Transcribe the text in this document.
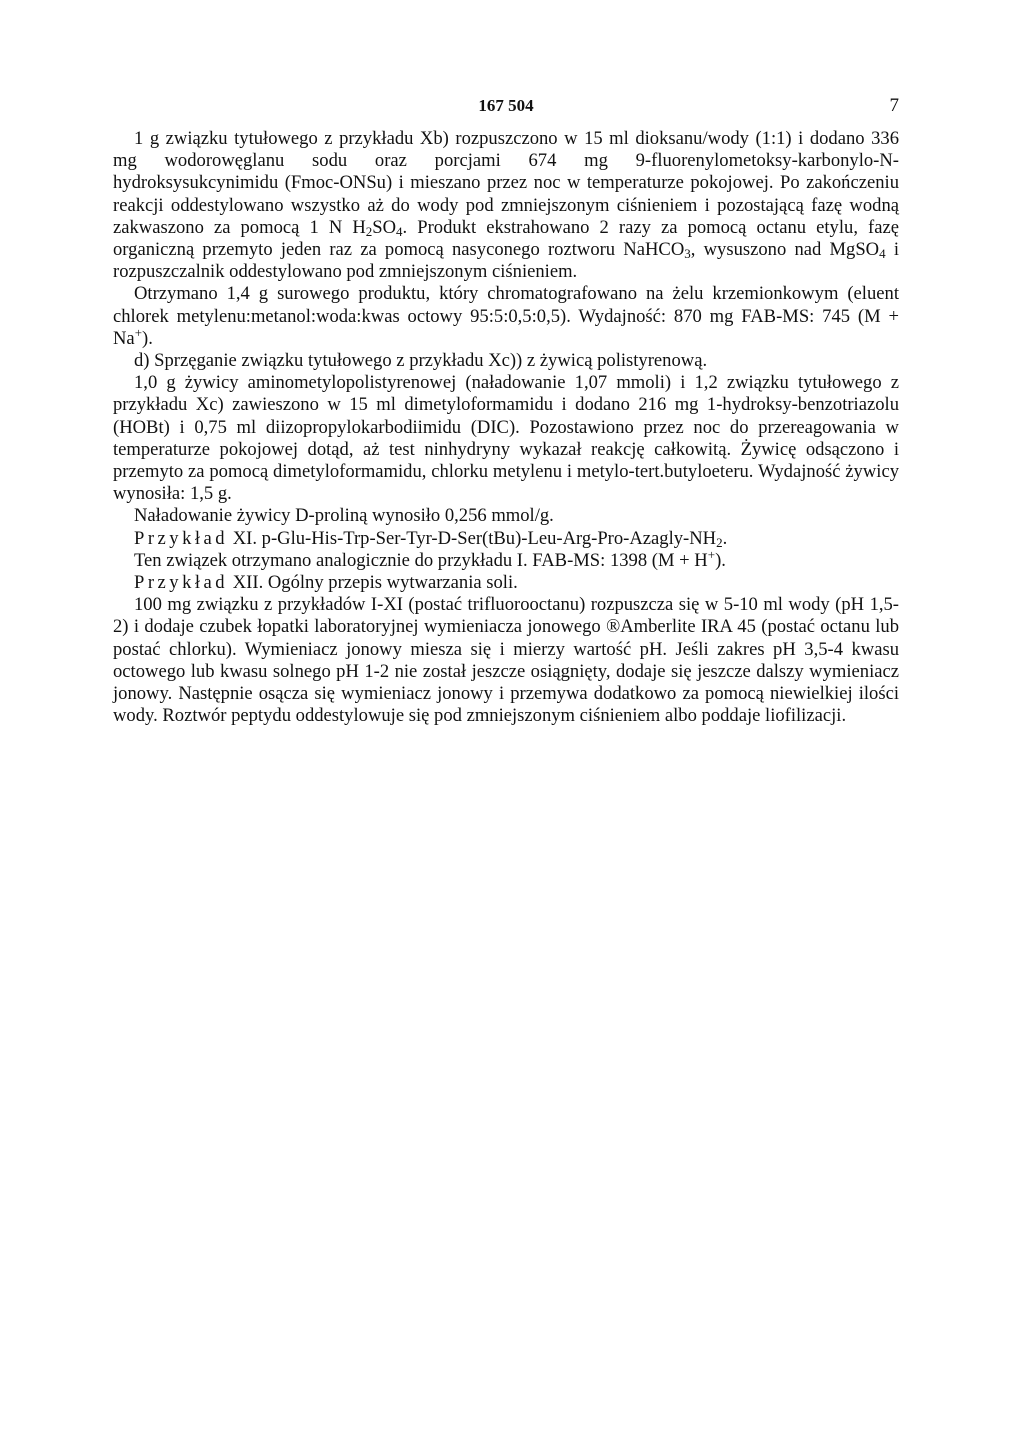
167 504	7

1 g związku tytułowego z przykładu Xb) rozpuszczono w 15 ml dioksanu/wody (1:1) i dodano 336 mg wodorowęglanu sodu oraz porcjami 674 mg 9-fluorenylometoksy-karbonylo-N-hydroksysukcynimidu (Fmoc-ONSu) i mieszano przez noc w temperaturze pokojowej. Po zakończeniu reakcji oddestylowano wszystko aż do wody pod zmniejszonym ciśnieniem i pozostającą fazę wodną zakwaszono za pomocą 1 N $H_2SO_4$. Produkt ekstrahowano 2 razy za pomocą octanu etylu, fazę organiczną przemyto jeden raz za pomocą nasyconego roztworu NaHCO$_3$, wysuszono nad MgSO$_4$ i rozpuszczalnik oddestylowano pod zmniejszonym ciśnieniem.

Otrzymano 1,4 g surowego produktu, który chromatografowano na żelu krzemionkowym (eluent chlorek metylenu:metanol:woda:kwas octowy 95:5:0,5:0,5). Wydajność: 870 mg FAB-MS: 745 (M + Na+).

d) Sprzęganie związku tytułowego z przykładu Xc)) z żywicą polistyrenową.

1,0 g żywicy aminometylopolistyrenowej (naładowanie 1,07 mmoli) i 1,2 związku tytułowego z przykładu Xc) zawieszono w 15 ml dimetyloformamidu i dodano 216 mg 1-hydroksy-benzotriazolu (HOBt) i 0,75 ml diizopropylokarbodiimidu (DIC). Pozostawiono przez noc do przereagowania w temperaturze pokojowej dotąd, aż test ninhydryny wykazał reakcję całkowitą. Żywicę odsączono i przemyto za pomocą dimetyloformamidu, chlorku metylenu i metylo-tert.butyloeteru. Wydajność żywicy wynosiła: 1,5 g.

Naładowanie żywicy D-proliną wynosiło 0,256 mmol/g.

Przykład XI. $p-Glu-His-Trp-Ser-Tyr-D-Ser(tBu)-Leu-Arg-Pro-Azagly-NH_2$.

Ten związek otrzymano analogicznie do przykładu I. FAB-MS: 1398 (M + H+).

Przykład XII. Ogólny przepis wytwarzania soli.

100 mg związku z przykładów I-XI (postać trifluorooctanu) rozpuszcza się w 5-10 ml wody (pH 1,5-2) i dodaje czubek łopatki laboratoryjnej wymieniacza jonowego ®Amberlite IRA 45 (postać octanu lub postać chlorku). Wymieniacz jonowy miesza się i mierzy wartość pH. Jeśli zakres pH 3,5-4 kwasu octowego lub kwasu solnego pH 1-2 nie został jeszcze osiągnięty, dodaje się jeszcze dalszy wymieniacz jonowy. Następnie osącza się wymieniacz jonowy i przemywa dodatkowo za pomocą niewielkiej ilości wody. Roztwór peptydu oddestylowuje się pod zmniejszonym ciśnieniem albo poddaje liofilizacji.
